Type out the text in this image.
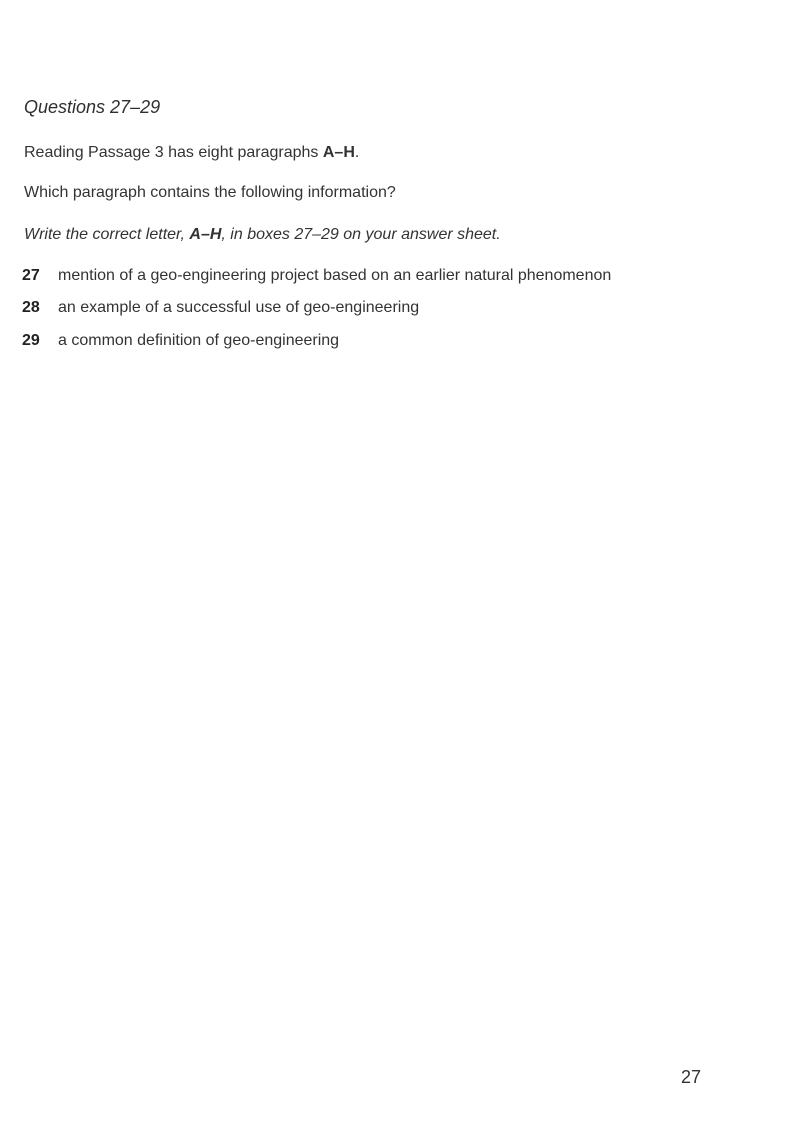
Questions 27–29
Reading Passage 3 has eight paragraphs A–H.
Which paragraph contains the following information?
Write the correct letter, A–H, in boxes 27–29 on your answer sheet.
27 mention of a geo-engineering project based on an earlier natural phenomenon
28 an example of a successful use of geo-engineering
29 a common definition of geo-engineering
27
